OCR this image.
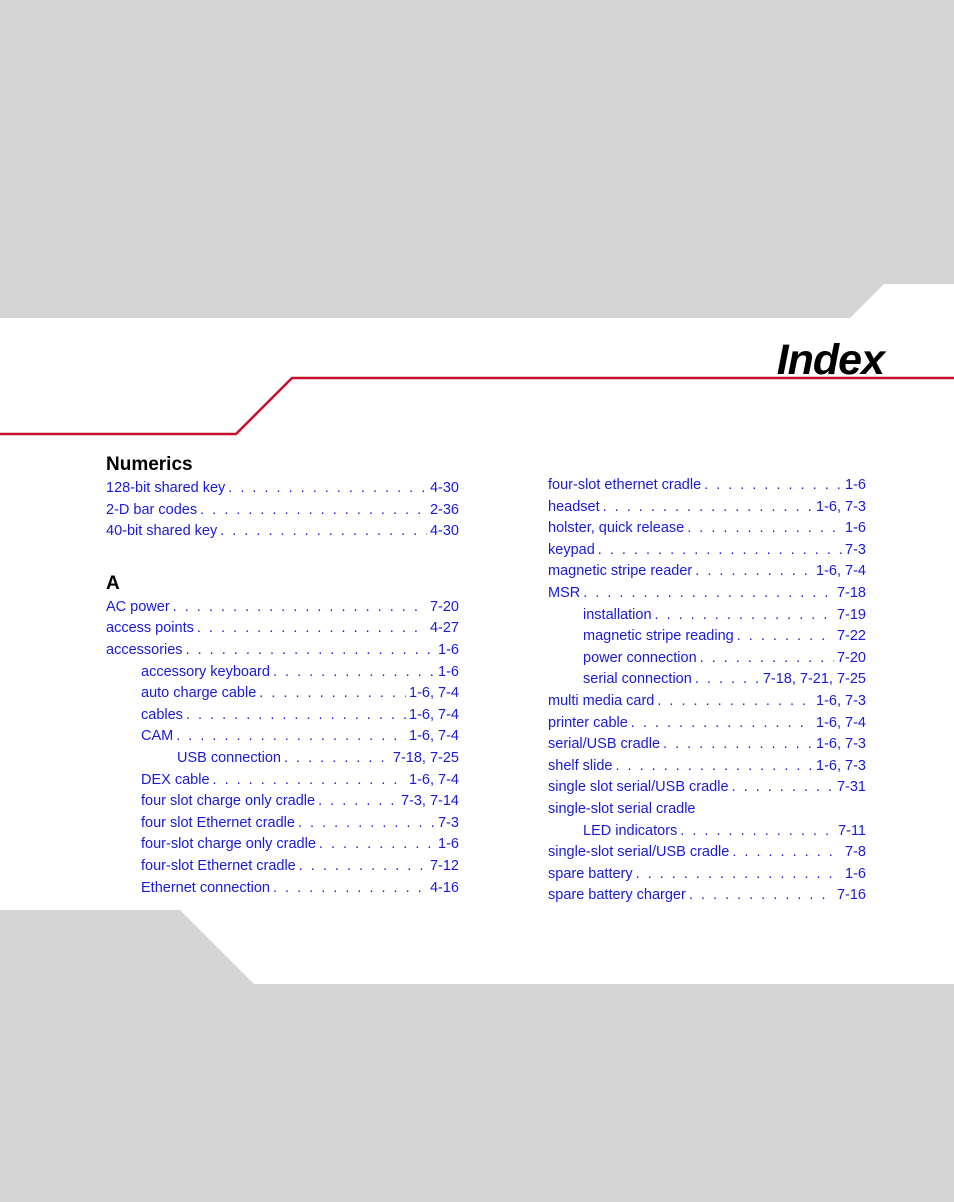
Index
Numerics
128-bit shared key . . .	4-30
2-D bar codes . . .	2-36
40-bit shared key . . .	4-30
A
AC power . . .	7-20
access points . . .	4-27
accessories . . .	1-6
accessory keyboard . . .	1-6
auto charge cable . . .	1-6, 7-4
cables . . .	1-6, 7-4
CAM . . .	1-6, 7-4
USB connection . . .	7-18, 7-25
DEX cable . . .	1-6, 7-4
four slot charge only cradle . . .	7-3, 7-14
four slot Ethernet cradle . . .	7-3
four-slot charge only cradle . . .	1-6
four-slot Ethernet cradle . . .	7-12
Ethernet connection . . .	4-16
four-slot ethernet cradle . . .	1-6
headset . . .	1-6, 7-3
holster, quick release . . .	1-6
keypad . . .	7-3
magnetic stripe reader . . .	1-6, 7-4
MSR . . .	7-18
installation . . .	7-19
magnetic stripe reading . . .	7-22
power connection . . .	7-20
serial connection . . .	7-18, 7-21, 7-25
multi media card . . .	1-6, 7-3
printer cable . . .	1-6, 7-4
serial/USB cradle . . .	1-6, 7-3
shelf slide . . .	1-6, 7-3
single slot serial/USB cradle . . .	7-31
single-slot serial cradle
LED indicators . . .	7-11
single-slot serial/USB cradle . . .	7-8
spare battery . . .	1-6
spare battery charger . . .	7-16
